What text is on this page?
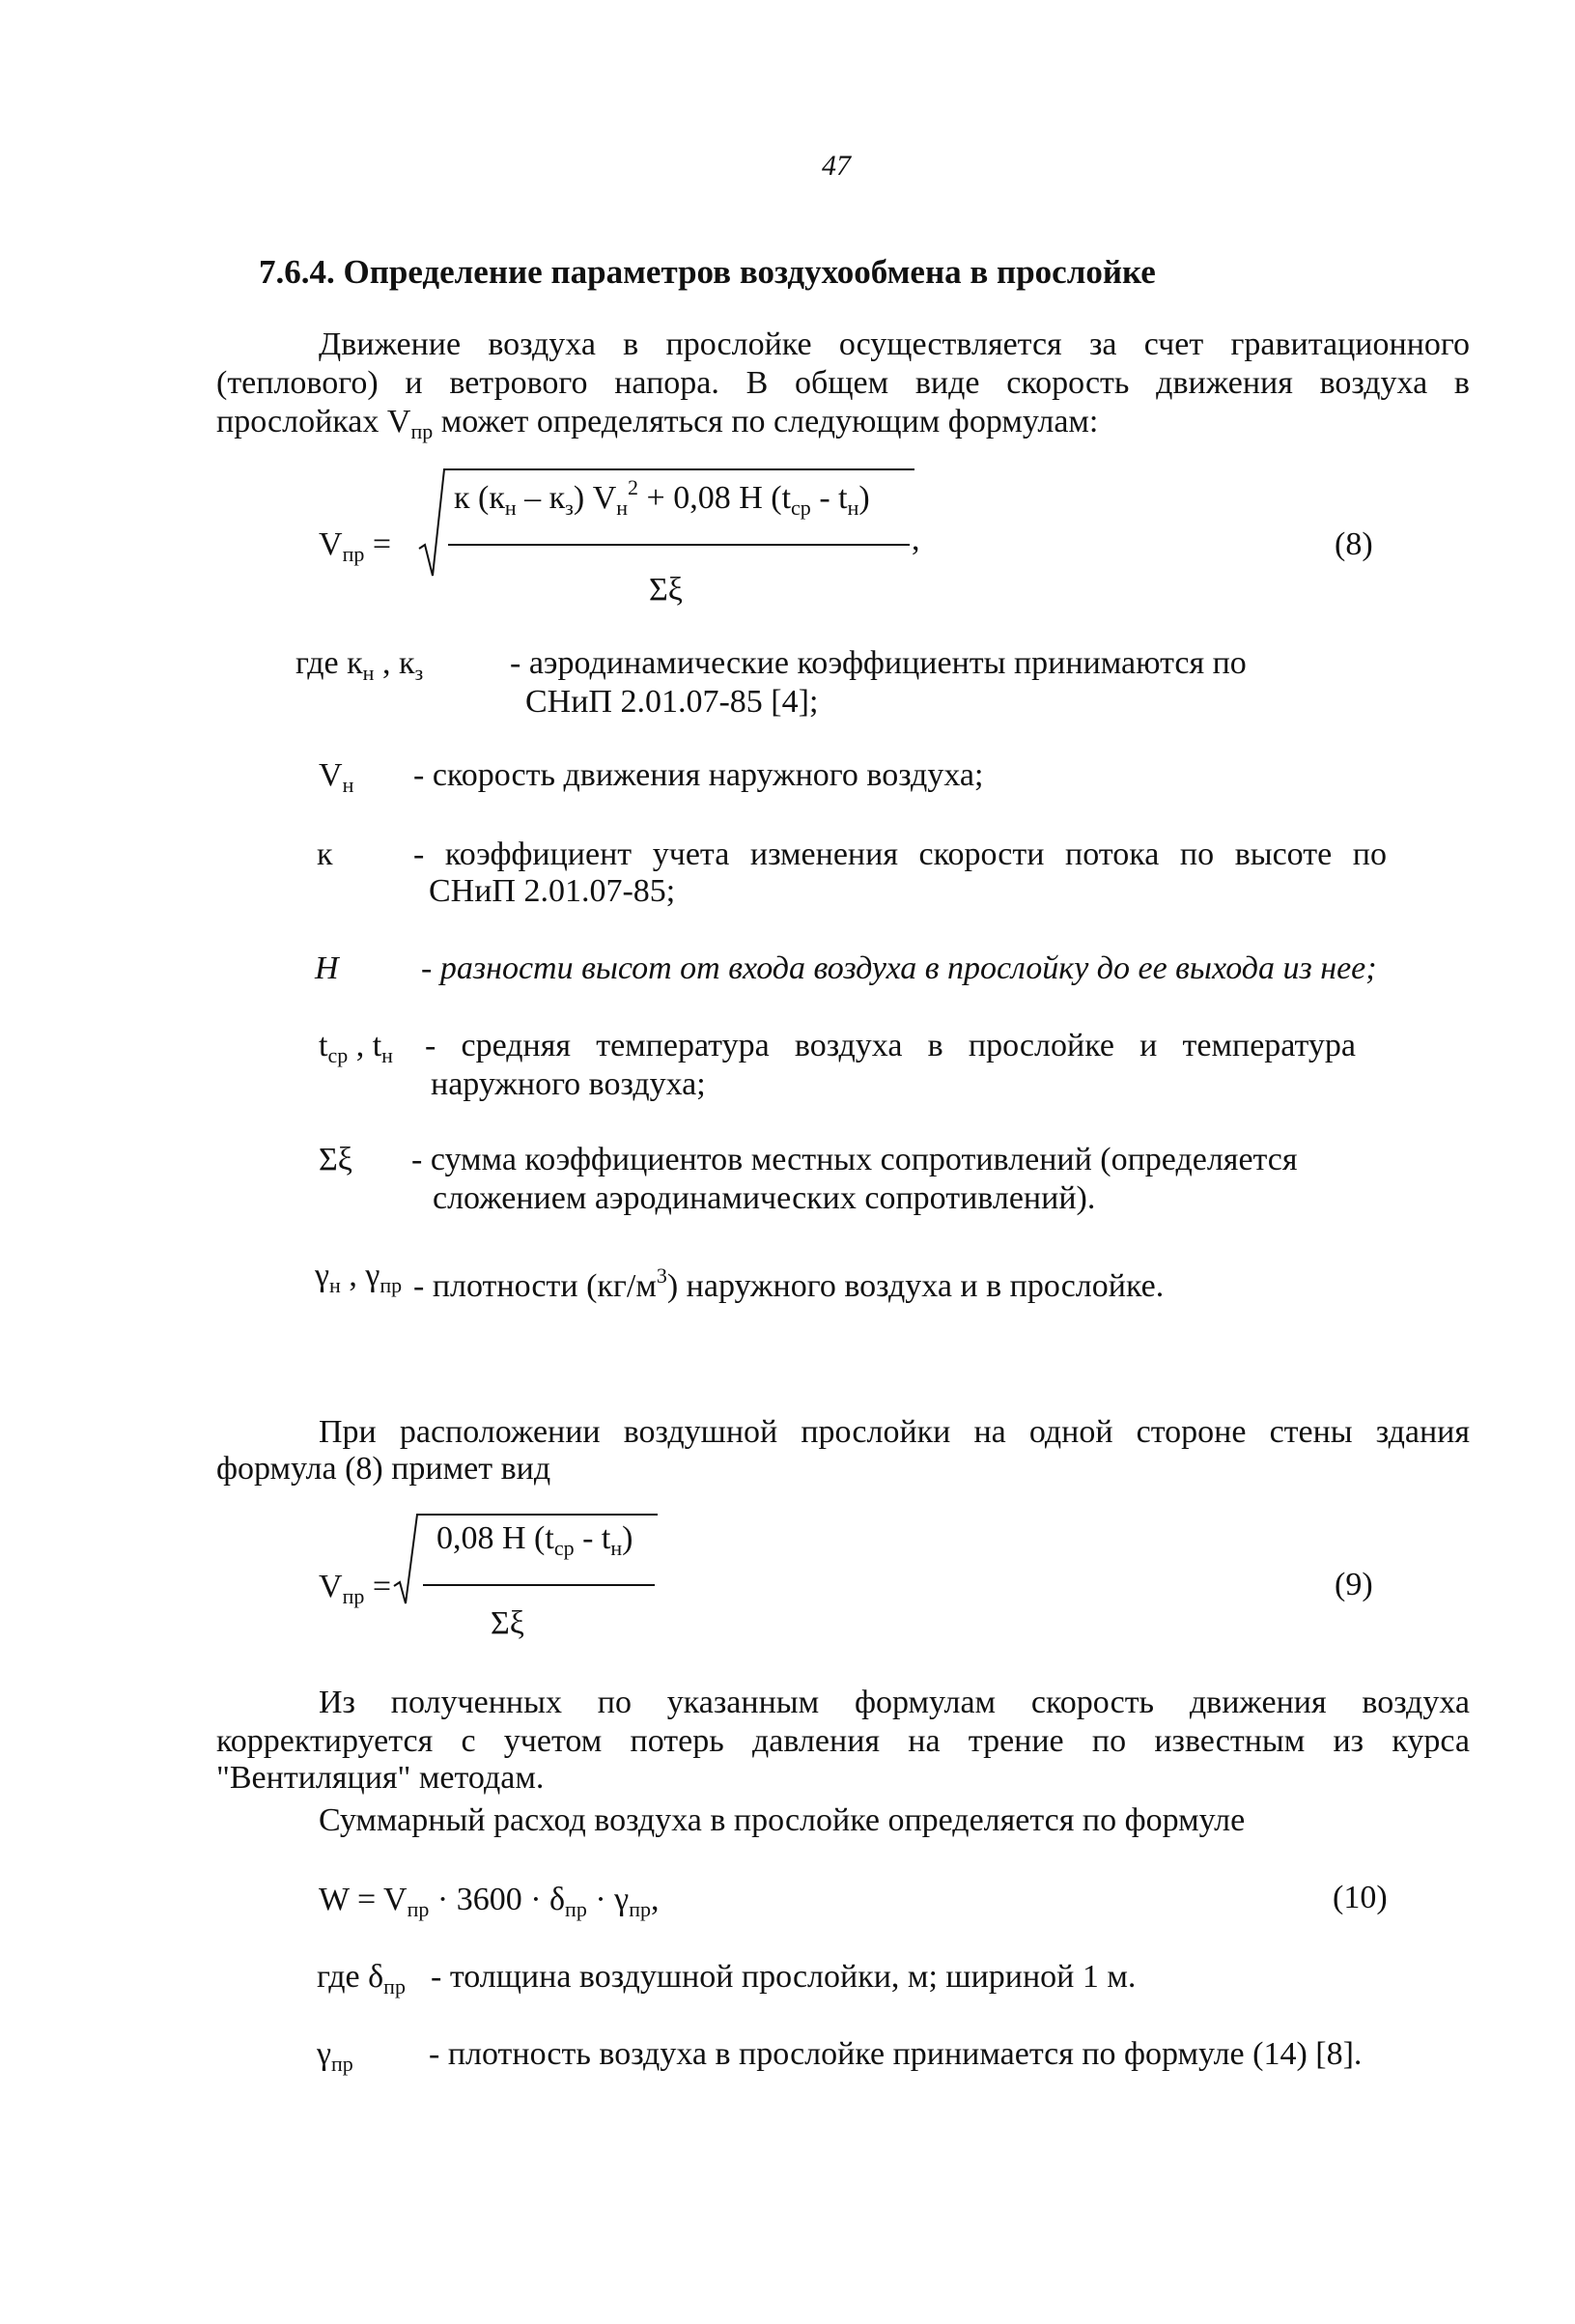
47
7.6.4. Определение параметров воздухообмена в прослойке
Движение воздуха в прослойке осуществляется за счет гравитационного
(теплового) и ветрового напора. В общем виде скорость движения воздуха в
прослойках $V_{пр}$ может определяться по следующим формулам:
$V_{пр}$ =
к $(к_н - к_з) V_н^2 + 0,08$ H $(t_{ср} - t_н)$
,
Σξ
(8)
где $к_н$ , $к_з$	- аэродинамические коэффициенты принимаются по
СНиП 2.01.07-85 [4];
$V_н$ - скорость движения наружного воздуха;
к - коэффициент учета изменения скорости потока по высоте по
СНиП 2.01.07-85;
H	- разности высот от входа воздуха в прослойку до ее выхода из нее;
$t_{ср}$ , $t_н$ - средняя температура воздуха в прослойке и температура
наружного воздуха;
Σξ - сумма коэффициентов местных сопротивлений (определяется
сложением аэродинамических сопротивлений).
$\gamma_н$ , $\gamma_{пр}$ - плотности $(кг/м^3)$ наружного воздуха и в прослойке.
При расположении воздушной прослойки на одной стороне стены здания
формула (8) примет вид
$V_{пр}$ =
0,08 H $(t_{ср} - t_н)$
Σξ
(9)
Из полученных по указанным формулам скорость движения воздуха
корректируется с учетом потерь давления на трение по известным из курса
"Вентиляция" методам.
Суммарный расход воздуха в прослойке определяется по формуле
$W = V_{пр} \cdot 3600 \cdot \delta_{пр} \cdot \gamma_{пр}$,	(10)
где $\delta_{пр}$ - толщина воздушной прослойки, м; шириной 1 м.
$\gamma_{пр}$ - плотность воздуха в прослойке принимается по формуле (14) [8].
